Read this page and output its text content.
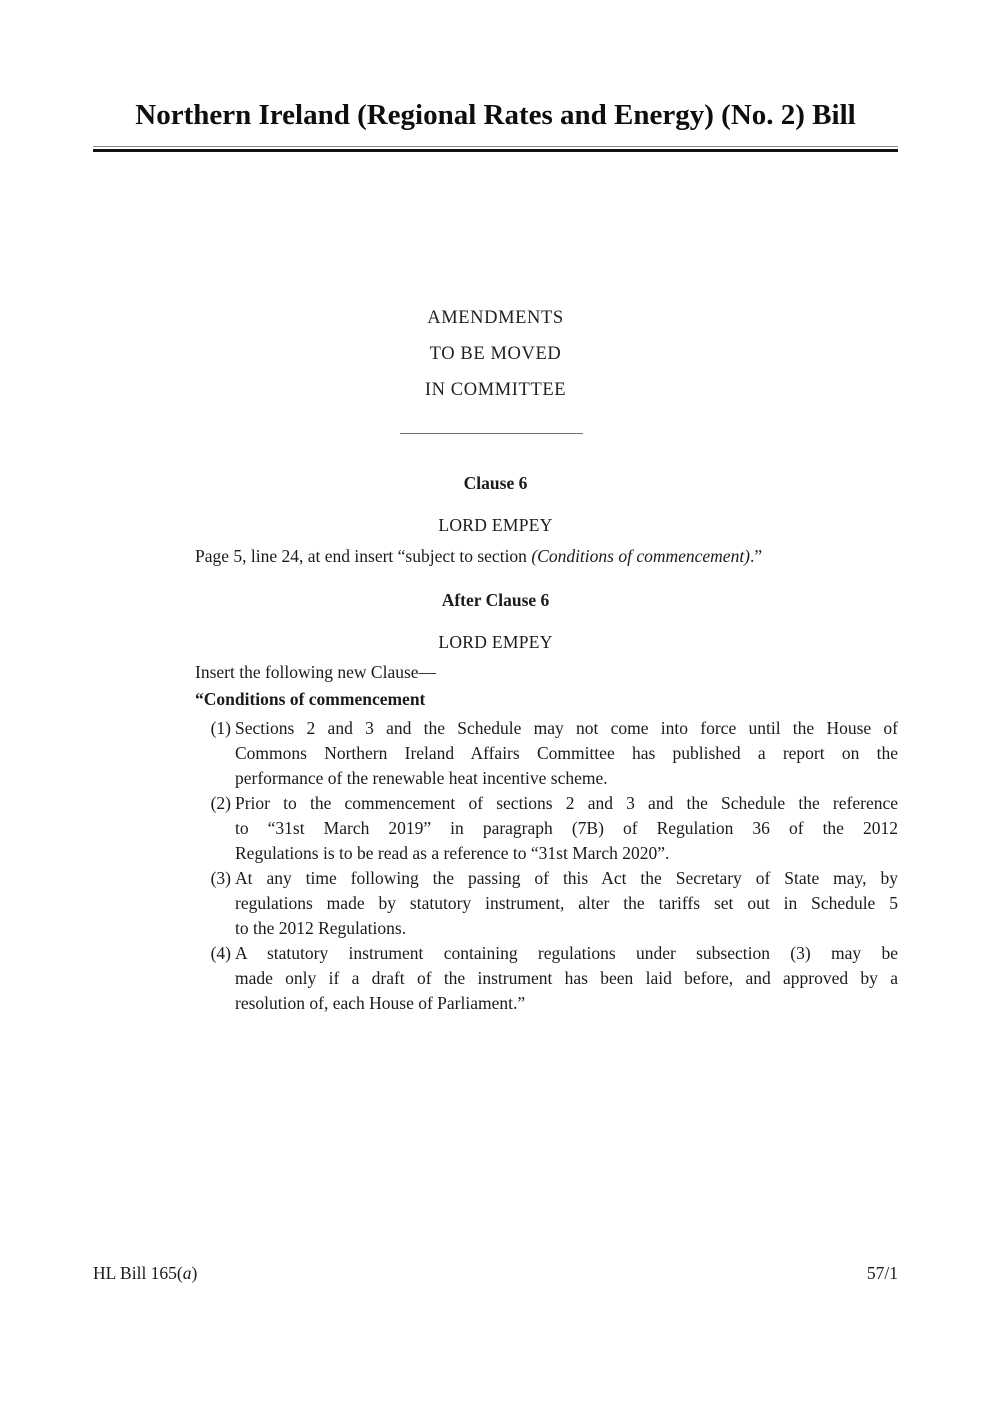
Northern Ireland (Regional Rates and Energy) (No. 2) Bill
AMENDMENTS
TO BE MOVED
IN COMMITTEE
Clause 6
LORD EMPEY
Page 5, line 24, at end insert “subject to section (Conditions of commencement).”
After Clause 6
LORD EMPEY
Insert the following new Clause—
“Conditions of commencement
(1) Sections 2 and 3 and the Schedule may not come into force until the House of
Commons Northern Ireland Affairs Committee has published a report on the
performance of the renewable heat incentive scheme.
(2) Prior to the commencement of sections 2 and 3 and the Schedule the reference
to “31st March 2019” in paragraph (7B) of Regulation 36 of the 2012
Regulations is to be read as a reference to “31st March 2020”.
(3) At any time following the passing of this Act the Secretary of State may, by
regulations made by statutory instrument, alter the tariffs set out in Schedule 5
to the 2012 Regulations.
(4) A statutory instrument containing regulations under subsection (3) may be
made only if a draft of the instrument has been laid before, and approved by a
resolution of, each House of Parliament.”
HL Bill 165(a)	57/1
